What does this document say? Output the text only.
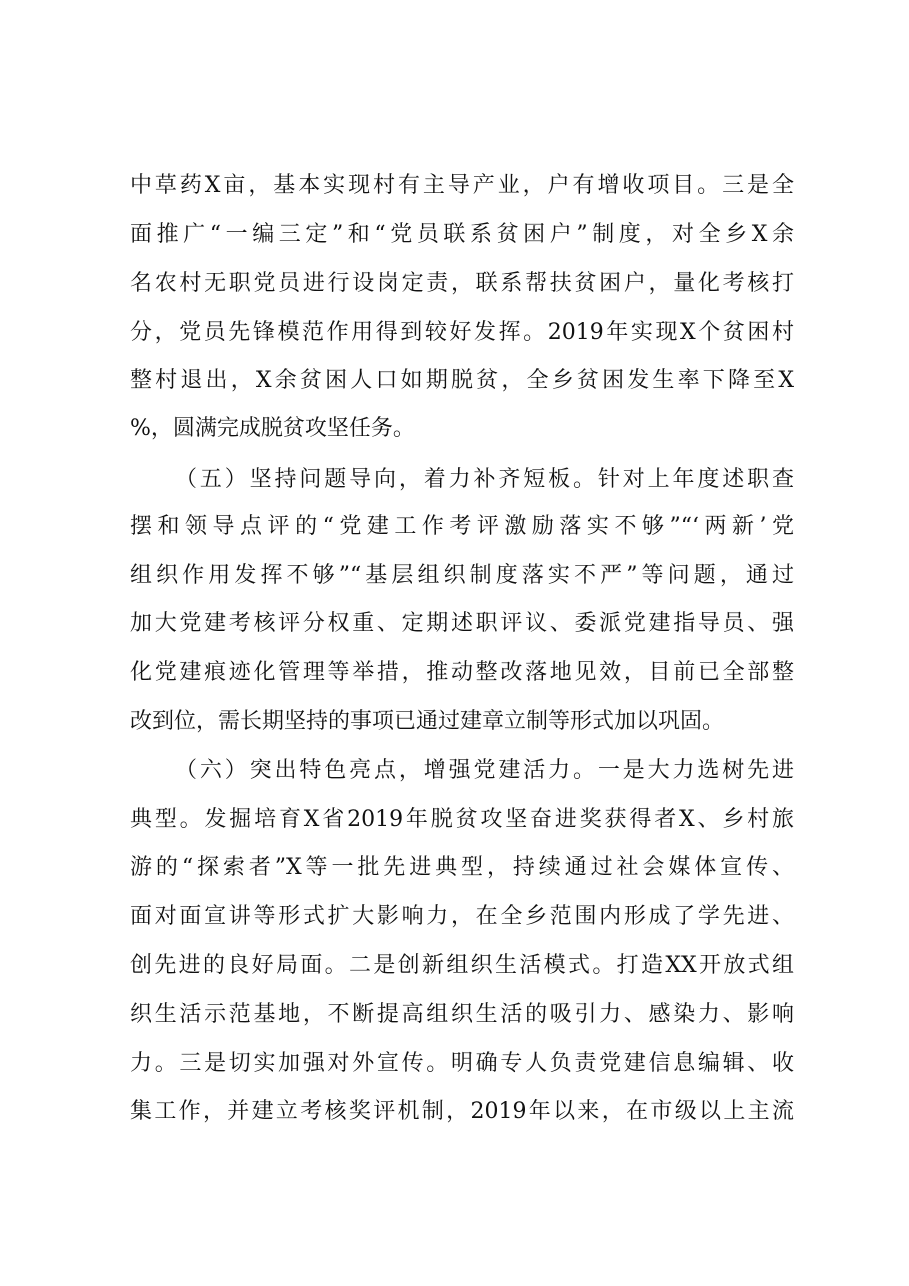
中草药X亩，基本实现村有主导产业，户有增收项目。三是全
面推广“一编三定”和“党员联系贫困户”制度，对全乡X余
名农村无职党员进行设岗定责，联系帮扶贫困户，量化考核打
分，党员先锋模范作用得到较好发挥。2019年实现X个贫困村
整村退出，X余贫困人口如期脱贫，全乡贫困发生率下降至X
%，圆满完成脱贫攻坚任务。
（五）坚持问题导向，着力补齐短板。针对上年度述职查
摆和领导点评的“党建工作考评激励落实不够”“‘两新’党
组织作用发挥不够”“基层组织制度落实不严”等问题，通过
加大党建考核评分权重、定期述职评议、委派党建指导员、强
化党建痕迹化管理等举措，推动整改落地见效，目前已全部整
改到位，需长期坚持的事项已通过建章立制等形式加以巩固。
（六）突出特色亮点，增强党建活力。一是大力选树先进
典型。发掘培育X省2019年脱贫攻坚奋进奖获得者X、乡村旅
游的“探索者”X等一批先进典型，持续通过社会媒体宣传、
面对面宣讲等形式扩大影响力，在全乡范围内形成了学先进、
创先进的良好局面。二是创新组织生活模式。打造XX开放式组
织生活示范基地，不断提高组织生活的吸引力、感染力、影响
力。三是切实加强对外宣传。明确专人负责党建信息编辑、收
集工作，并建立考核奖评机制，2019年以来，在市级以上主流
